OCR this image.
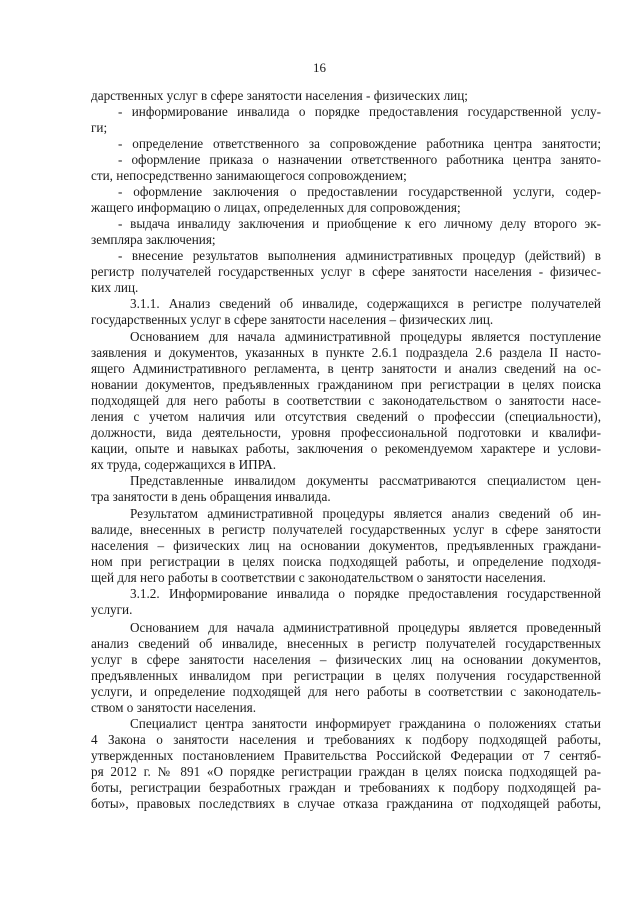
16
дарственных услуг в сфере занятости населения - физических лиц;
- информирование инвалида о порядке предоставления государственной услу-
ги;
- определение ответственного за сопровождение работника центра занятости;
- оформление приказа о назначении ответственного работника центра занято-
сти, непосредственно занимающегося сопровождением;
- оформление заключения о предоставлении государственной услуги, содер-
жащего информацию о лицах, определенных для сопровождения;
- выдача инвалиду заключения и приобщение к его личному делу второго эк-
земпляра заключения;
- внесение результатов выполнения административных процедур (действий) в
регистр получателей государственных услуг в сфере занятости населения - физичес-
ких лиц.
3.1.1. Анализ сведений об инвалиде, содержащихся в регистре получателей
государственных услуг в сфере занятости населения – физических лиц.
Основанием для начала административной процедуры является поступление
заявления и документов, указанных в пункте 2.6.1 подраздела 2.6 раздела II насто-
ящего Административного регламента, в центр занятости и анализ сведений на ос-
новании документов, предъявленных гражданином при регистрации в целях поиска
подходящей для него работы в соответствии с законодательством о занятости насе-
ления с учетом наличия или отсутствия сведений о профессии (специальности),
должности, вида деятельности, уровня профессиональной подготовки и квалифи-
кации, опыте и навыках работы, заключения о рекомендуемом характере и услови-
ях труда, содержащихся в ИПРА.
Представленные инвалидом документы рассматриваются специалистом цен-
тра занятости в день обращения инвалида.
Результатом административной процедуры является анализ сведений об ин-
валиде, внесенных в регистр получателей государственных услуг в сфере занятости
населения – физических лиц на основании документов, предъявленных граждани-
ном при регистрации в целях поиска подходящей работы, и определение подходя-
щей для него работы в соответствии с законодательством о занятости населения.
3.1.2. Информирование инвалида о порядке предоставления государственной
услуги.
Основанием для начала административной процедуры является проведенный
анализ сведений об инвалиде, внесенных в регистр получателей государственных
услуг в сфере занятости населения – физических лиц на основании документов,
предъявленных инвалидом при регистрации в целях получения государственной
услуги, и определение подходящей для него работы в соответствии с законодатель-
ством о занятости населения.
Специалист центра занятости информирует гражданина о положениях статьи
4 Закона о занятости населения и требованиях к подбору подходящей работы,
утвержденных постановлением Правительства Российской Федерации от 7 сентяб-
ря 2012 г. № 891 «О порядке регистрации граждан в целях поиска подходящей ра-
боты, регистрации безработных граждан и требованиях к подбору подходящей ра-
боты», правовых последствиях в случае отказа гражданина от подходящей работы,
